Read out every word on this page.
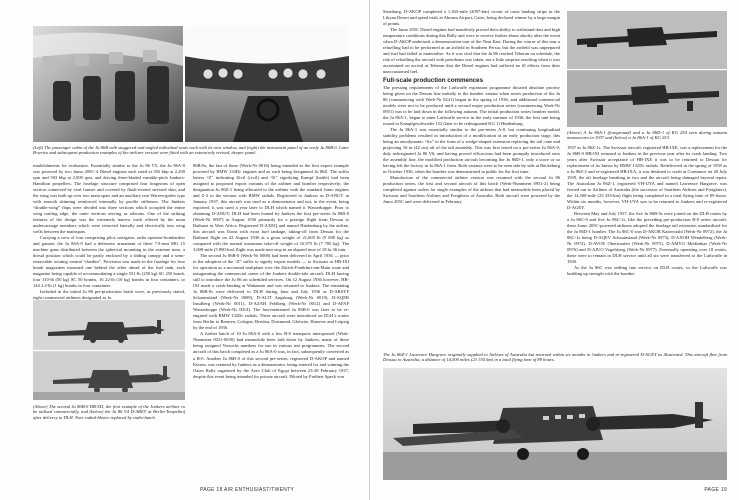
(Left) The passenger cabin of the Ju 86B with staggered and angled individual seats each with its own window, and (right) the instrument panel of an early Ju 86B-0. Later B-series and subsequent production examples of the airliner version were fitted with an extensively revised, deeper panel.

establishments for evaluation. Essentially similar to the Ju 86 V5, the Ju 86A-0 was powered by two Jumo 205C-4 Diesel engines each rated at 592 bhp at 2,200 rpm and 503 bhp at 2,000 rpm, and driving three-bladed variable-pitch Junkers-Hamilton propellers. The fuselage structure comprised four longerons of open section connected by oval frames and covered by flush-riveted stressed skin, and the wing was built up over two main spars and an auxiliary rear Warren-girder type with smooth skinning reinforced internally by profile stiffeners. The Junkers “double-wing” flaps were divided into three sections which occupied the entire wing trailing edge, the outer sections serving as ailerons. One of the striking features of the design was the extremely narrow track offered by the main undercarriage members which were retracted laterally and electrically into wing wells between the mainspars.

Carrying a crew of four comprising pilot, navigator, radio operator-bombardier and gunner, the Ju 86A-0 had a defensive armament of three 7.9-mm MG 15 machine guns distributed between the spherical mounting in the extreme nose, a dorsal position which could be partly enclosed by a sliding canopy and a semi-retractable rotating ventral “dustbin”. Provision was made in the fuselage for four bomb magazines mounted one behind the other ahead of the fuel tank, each magazine being capable of accommodating a single 551-lb (250 kg) SC 250 bomb, four 110-lb (50 kg) SC 50 bombs, 16 22-lb (10 kg) bombs in four containers, or 144 2.2-lb (1 kg) bombs in four containers.

Included in the initial Ju 86 pre-production batch were, as previously stated, eight commercial airliners designated as Ju

86B-0s, the last of these (Werk-Nr 0016) being intended as the first export example powered by BMW 132Dc engines and as such being designated Ju 86Z. The suffix letters “Z” indicating Zivil (civil) and “K” signifying Kampf (battle) had been assigned to proposed export variants of the airliner and bomber respectively; the designation Ju 86Z-1 being allocated to the airliner with the standard Jumo engines and Z-2 to the version with BMW radials. Registered to Junkers as D-ANUV in January 1937, this aircraft was used as a demonstrator and not, in the event, being exported, it was used a year later to DLH which named it Wasserkuppe. Prior to obtaining D-ANUV, DLH had been loaned by Junkers the first pre-series Ju 86B-0 (Werk-Nr 0007) in August 1936 primarily for a prestige flight from Dessau to Bathurst in West Africa. Registered D-AXEQ and named Hindenburg by the airline, this aircraft was flown with extra fuel tankage, taking-off from Dessau for the Bathurst flight on 22 August 1936 at a gross weight of 21,605 lb (9 800 kg) as compared with the normal maximum take-off weight of 16,975 lb (7 700 kg). The 3,608-mile (5 800-km) flight was made non-stop in an elapsed time of 18 hr 36 min.

The second Ju 86B-0 (Werk-Nr 0008) had been delivered in April 1936 — prior to the adoption of the “Z” suffix to signify export models — to Swissair as HB-IXI for operation as a nocturnal mailplane over the Zürich-Frankfurt-am-Main route and inaugurating the commercial career of the Junkers double-tale aircraft. DLH having still to introduce the Ju 86 on scheduled services. On 12 August 1936 however, HB-IXI made a crash-landing at Wahausen and was returned to Junkers. The remaining Ju 86B-0s were delivered to DLH during June and July 1936 as D-ARSYF Schauinsland (Werk-Nr 0009), D-ALIT Augsburg (Werk-Nr 0010), D-AQER Insulberg (Werk-Nr 0011), D-AZAH Feldberg (Werk-Nr 0012) and D-AFAF Wasserkuppe (Werk-Nr 0014). The last-mentioned Ju 86B-0 was later to be re-engined with BMW 132Dc radials. These aircraft were introduced on DLH’s routes from Berlin to Bremen, Cologne, Breslau, Dortmund, Gleiwitz, Hanover and Leipzig by the end of 1936.

A further batch of 10 Ju 86A-0 with a few B-0 transports interspersed (Werk-Nummern 0021-0030) had meanwhile been laid down by Junkers, many of these being assigned Versuchs numbers for use in various test programmes. The second aircraft of this batch completed as a Ju 86A-0 was, in fact, subsequently converted as a B-0. Another Ju 86B-0 of this second pre-series, registered D-AKOP and named Kiesen, was retained by Junkers as a demonstrator, being entered for and winning the Oases Rally organised by the Aero Club of Egypt between 23-28 February 1937, despite this event being intended for private aircraft. Piloted by Freiherr Speck von

(Above) The second Ju 86B-0 HB-IXI, the first example of the Junkers airliner to be utilised commercially, and (below) the Ju 86 V4 D-AREV at Berlin-Tempelhof after delivery to DLH. Note radial-blister replaced by radio-hatch.
PAGE 18 AIR ENTHUSIAST/TWENTY

Sternburg, D-AKOP completed a 1,363-mile (2097-km) circuit of oasis landing strips in the Libyan Desert and speed trials at Almaza Airport, Cairo, being declared winner by a large margin of points.

The Jumo 205C Diesel engines had manifestly proved their ability to withstand dust and high temperature conditions during this Rally and were to receive further abuse shortly after the event when D-AKOP undertook a demonstration tour of the Near East. During the course of this tour a refuelling had to be performed at an airfield in Southern Persia, but the airfield was unprepared and fuel had failed to materialise. As it was vital that the Ju 86 reached Teheran on schedule, the risk of refuelling the aircraft with petroleum was taken, not a little surprise resulting when it was ascertained on arrival at Teheran that the Diesel engines had suffered no ill effects from their unaccustomed fuel.

Full-scale production commences

The pressing requirements of the Luftwaffe expansion programme dictated absolute priority being given on the Dessau line initially to the bomber variant when series production of the Ju 86 (commencing with Werk-Nr 0241) began in the spring of 1936, and additional commercial models were not to be produced until a second major production series (commencing Werk-Nr 0951) was to be laid down in the following autumn. The initial production series bomber model, the Ju 86A-1, began to enter Luftwaffe service in the early summer of 1936, the first unit being issued to Kampfgeschwader 152 (later to be redesignated KG 1) Hindenburg.

The Ju 86A-1 was essentially similar to the pre-series A-0, but continuing longitudinal stability problems resulted in introduction of a modification at an early production stage, this being an aerodynamic “fix” in the form of a wedge-shaped extension replacing the tail cone and projecting 16 in (42 cm) aft of the tail assembly. This was first tested on a pre-series Ju 86A-0, duly redesignated Ju 86 V6, and having proved efficacious had been promptly introduced onto the assembly line, the modified production aircraft becoming the Ju 86D-1, only a score or so having left the factory in Ju 86A-1 form. Both variants were to be seen side by side at Bückeburg in October 1936, when the bomber was demonstrated in public for the first time.

Manufacture of the commercial airliner version was resumed with the second Ju 86 production series, the first and second aircraft of this batch (Werk-Nummern 0951-2) being completed against orders for single examples of the airliner that had meanwhile been placed by Swissair and Southern Airlines and Freighters of Australia. Both aircraft were powered by the Jumo 205C and were delivered in February

(Above) A Ju 86A-1 (foreground) and a Ju 86D-1 of KG 254 seen during autumn manoeuvres in 1937 and (below) a Ju 86A-1 of KG 253.

1937 as Ju 86Z-1s. The Swissair aircraft, registered HB-IXE, was a replacement for the Ju 86B-0 HB-IXI returned to Junkers in the previous year after its crash landing. Two years after Swissair acceptance of HB-IXE it was to be returned to Dessau for replacement of its Jumos by BMW 132Dc radials. Redelivered in the spring of 1939 as a Ju 86Z-2 and re-registered HB-IXA, it was destined to crash at Constance on 20 July 1939, the aft fuselage breaking in two and the aircraft being damaged beyond repair. The Australian Ju 86Z-1, registered VH-UYA and named Lawrence Hargrave, was ferried out to Airlines of Australia (the successor of Southern Airlines and Freighters), the 14,500-mile (23 335-km) flight being completed in a total flying time of 89 hours. Within six months, however, VH-UYA was to be returned to Junkers and re-registered D-AGEY.

Between May and July 1937, the five Ju 86B-0s were joined on the DLH routes by a Ju 86C-0 and five Ju 86C-1s, like the preceding pre-production B-0 series aircraft, these Jumo 205C-powered airliners adopted the fuselage tail extension standardised for the Ju 86D-1 bomber. The Ju 86C-0 was D-AKOR Kaiserstuhl (Werk-Nr 0972), the Ju 86C-1s being D-AQEV Schauinsland (Werk-Nr 0973), D-AXOH Wendelberg (Werk-Nr 0974), D-AVOE Oberstaufen (Werk-Nr 0975), D-AMYO Meißenkar (Werk-Nr 0976) and D-AJUO Vogelsberg (Werk-Nr 0977). Eventually operating over 18 routes, these were to remain in DLH service until all six were transferred to the Luftwaffe in 1940.

As the Ju 86C was settling into service on DLH routes, so the Luftwaffe was building up strength with the bomber

The Ju 86Z-1 Lawrence Hargrave originally supplied to Airlines of Australia but returned within six months to Junkers and re-registered D-AGEY as illustrated. This aircraft flew from Dessau to Australia, a distance of 14,500 miles (23 335 km) in a total flying time of 89 hours.
PAGE 19
